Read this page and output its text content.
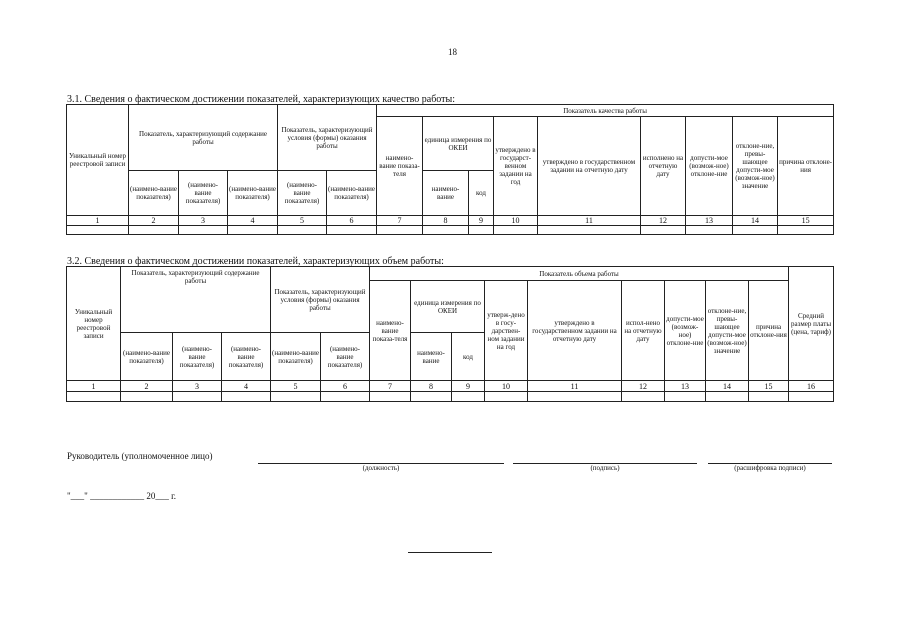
18
3.1. Сведения о фактическом достижении показателей, характеризующих качество работы:
Уникальный номер реестровой записи	Показатель, характеризующий содержание работы			Показатель, характеризующий условия (формы) оказания работы		Показатель качества работы								
						наимено-вание показа-теля	единица измерения по ОКЕИ		утверждено в государст-венном задании на год	утверждено в государственном задании на отчетную дату	исполнено на отчетную дату	допусти-мое (возмож-ное) отклоне-ние	отклоне-ние, превы-шающее допусти-мое (возмож-ное) значение	причина отклоне-ния
	(наимено-вание показателя)	(наимено-вание показателя)	(наимено-вание показателя)	(наимено-вание показателя)	(наимено-вание показателя)		наимено-вание	код						
1	2	3	4	5	6	7	8	9	10	11	12	13	14	15

3.2. Сведения о фактическом достижении показателей, характеризующих объем работы:
Уникальный номер реестровой записи	Показатель, характеризующий содержание работы			Показатель, характеризующий условия (формы) оказания работы		Показатель объема работы									Средний размер платы (цена, тариф)
						наимено-вание показа-теля	единица измерения по ОКЕИ		утверж-дено в госу-дарствен-ном задании на год	утверждено в государственном задании на отчетную дату	испол-нено на отчетную дату	допусти-мое (возмож-ное) отклоне-ние	отклоне-ние, превы-шающее допусти-мое (возмож-ное) значение	причина отклоне-ния	
	(наимено-вание показателя)	(наимено-вание показателя)	(наимено-вание показателя)	(наимено-вание показателя)	(наимено-вание показателя)		наимено-вание	код							
1	2	3	4	5	6	7	8	9	10	11	12	13	14	15	16

Руководитель (уполномоченное лицо)
(должность)	(подпись)	(расшифровка подписи)
"___" ____________ 20___ г.
